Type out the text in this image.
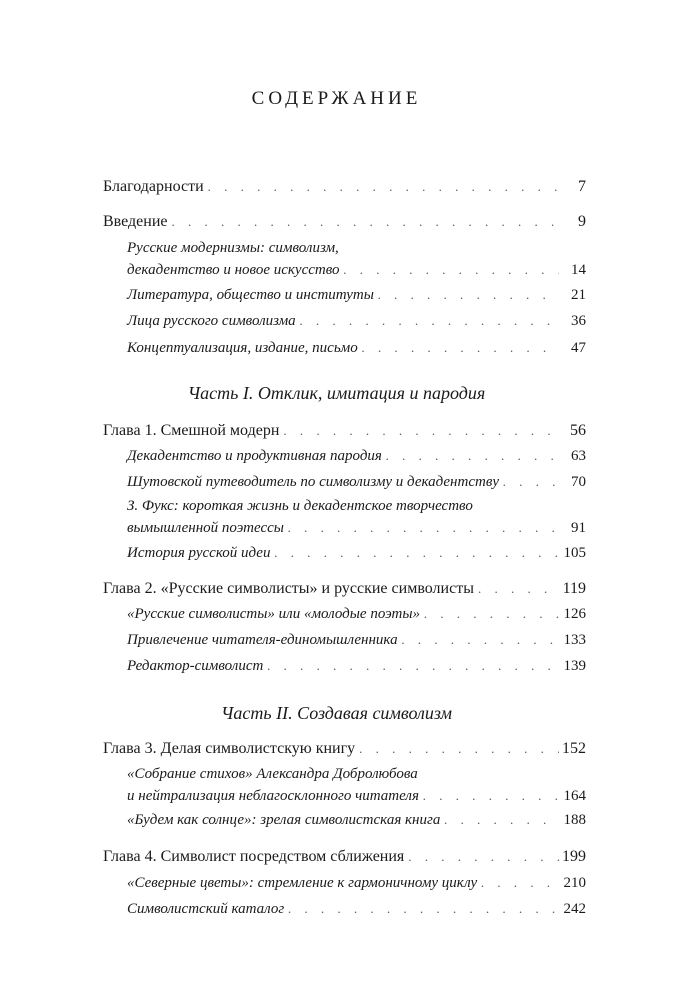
СОДЕРЖАНИЕ
Благодарности . . .	7
Введение . . .	9
Русские модернизмы: символизм,
декадентство и новое искусство . . .	14
Литература, общество и институты . . .	21
Лица русского символизма . . .	36
Концептуализация, издание, письмо . . .	47
Глава 1. Смешной модерн . . .	56
Декадентство и продуктивная пародия . . .	63
Шутовской путеводитель по символизму и декадентству . . .	70
З. Фукс: короткая жизнь и декадентское творчество
вымышленной поэтессы . . .	91
История русской идеи . . .	105
Глава 2. «Русские символисты» и русские символисты . . .	119
«Русские символисты» или «молодые поэты» . . .	126
Привлечение читателя-единомышленника . . .	133
Редактор-символист . . .	139
Глава 3. Делая символистскую книгу . . .	152
«Собрание стихов» Александра Добролюбова
и нейтрализация неблагосклонного читателя . . .	164
«Будем как солнце»: зрелая символистская книга . . .	188
Глава 4. Символист посредством сближения . . .	199
«Северные цветы»: стремление к гармоничному циклу . . .	210
Символистский каталог . . .	242
Часть I. Отклик, имитация и пародия
Часть II. Создавая символизм
